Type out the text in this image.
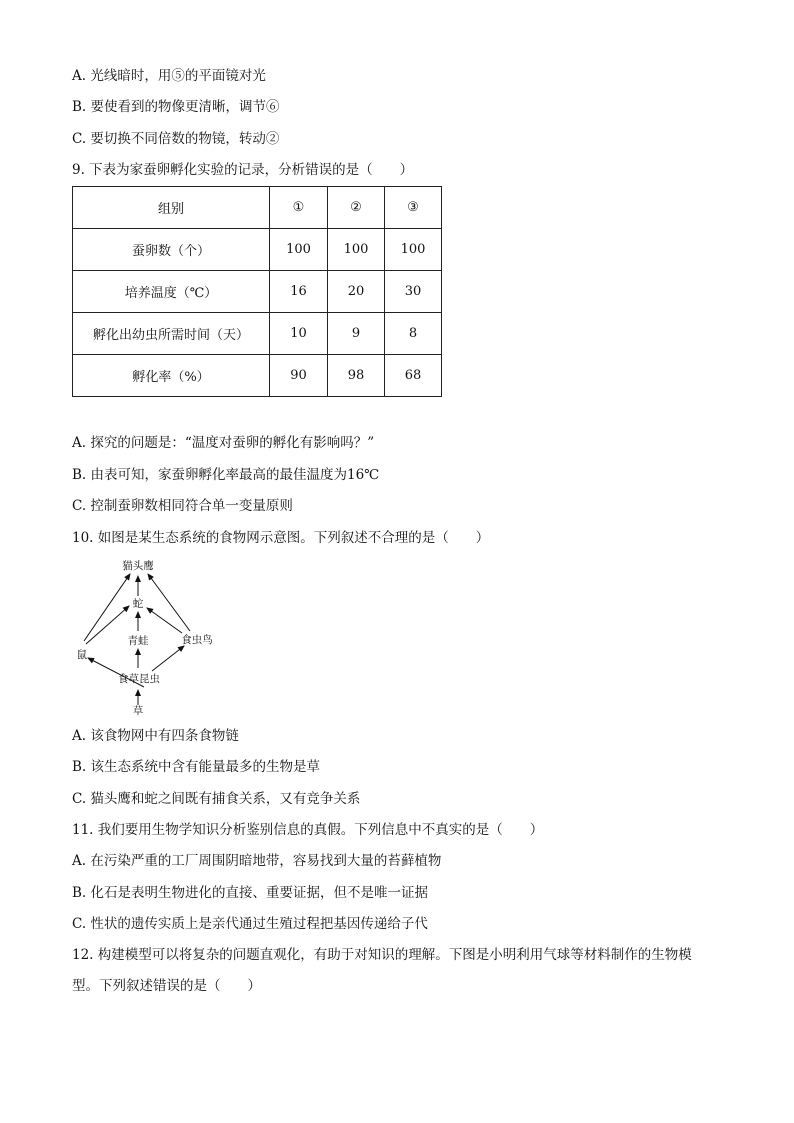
A. 光线暗时，用⑤的平面镜对光
B. 要使看到的物像更清晰，调节⑥
C. 要切换不同倍数的物镜，转动②
9. 下表为家蚕卵孵化实验的记录，分析错误的是（　　）
组别	①	②	③
蚕卵数（个）	100	100	100
培养温度（℃）	16	20	30
孵化出幼虫所需时间（天）	10	9	8
孵化率（%）	90	98	68
A. 探究的问题是：“温度对蚕卵的孵化有影响吗？”
B. 由表可知，家蚕卵孵化率最高的最佳温度为16℃
C. 控制蚕卵数相同符合单一变量原则
10. 如图是某生态系统的食物网示意图。下列叙述不合理的是（　　）
猫头鹰
蛇
青蛙	食虫鸟
鼠
食草昆虫
草
A. 该食物网中有四条食物链
B. 该生态系统中含有能量最多的生物是草
C. 猫头鹰和蛇之间既有捕食关系，又有竞争关系
11. 我们要用生物学知识分析鉴别信息的真假。下列信息中不真实的是（　　）
A. 在污染严重的工厂周围阴暗地带，容易找到大量的苔藓植物
B. 化石是表明生物进化的直接、重要证据，但不是唯一证据
C. 性状的遗传实质上是亲代通过生殖过程把基因传递给子代
12. 构建模型可以将复杂的问题直观化，有助于对知识的理解。下图是小明利用气球等材料制作的生物模
型。下列叙述错误的是（　　）
